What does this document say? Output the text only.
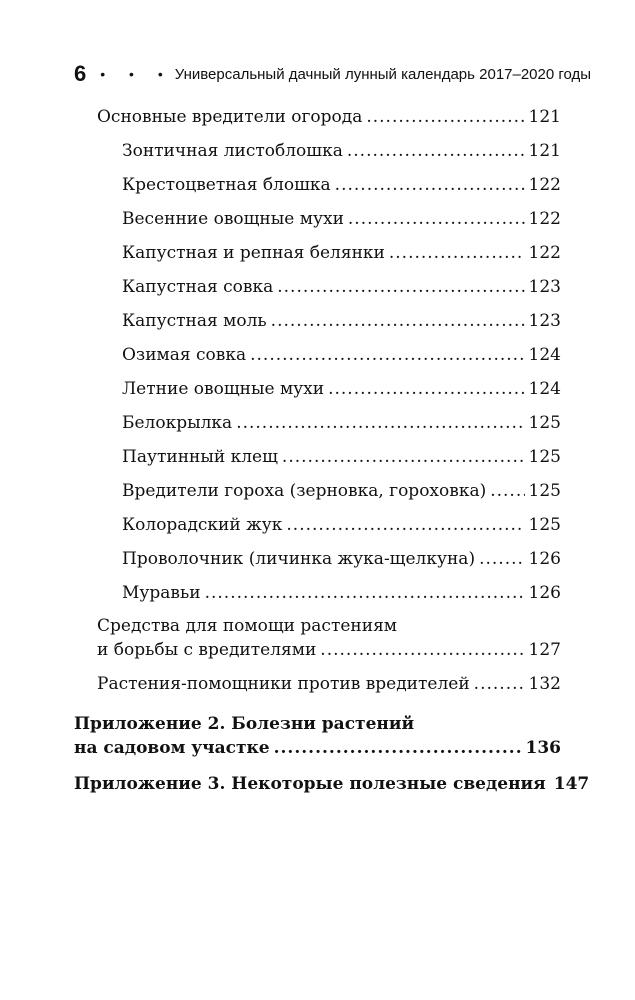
6 • • • Универсальный дачный лунный календарь 2017–2020 годы
Основные вредители огорода .....	121
Зонтичная листоблошка .....	121
Крестоцветная блошка .....	122
Весенние овощные мухи .....	122
Капустная и репная белянки .....	122
Капустная совка .....	123
Капустная моль .....	123
Озимая совка .....	124
Летние овощные мухи .....	124
Белокрылка .....	125
Паутинный клещ .....	125
Вредители гороха (зерновка, гороховка) ..... 125
Колорадский жук .....	125
Проволочник (личинка жука-щелкуна) .....	126
Муравьи .....	126
Средства для помощи растениям
и борьбы с вредителями .....	127
Растения-помощники против вредителей .....	132
Приложение 2. Болезни растений
на садовом участке .....	136
Приложение 3. Некоторые полезные сведения 147
